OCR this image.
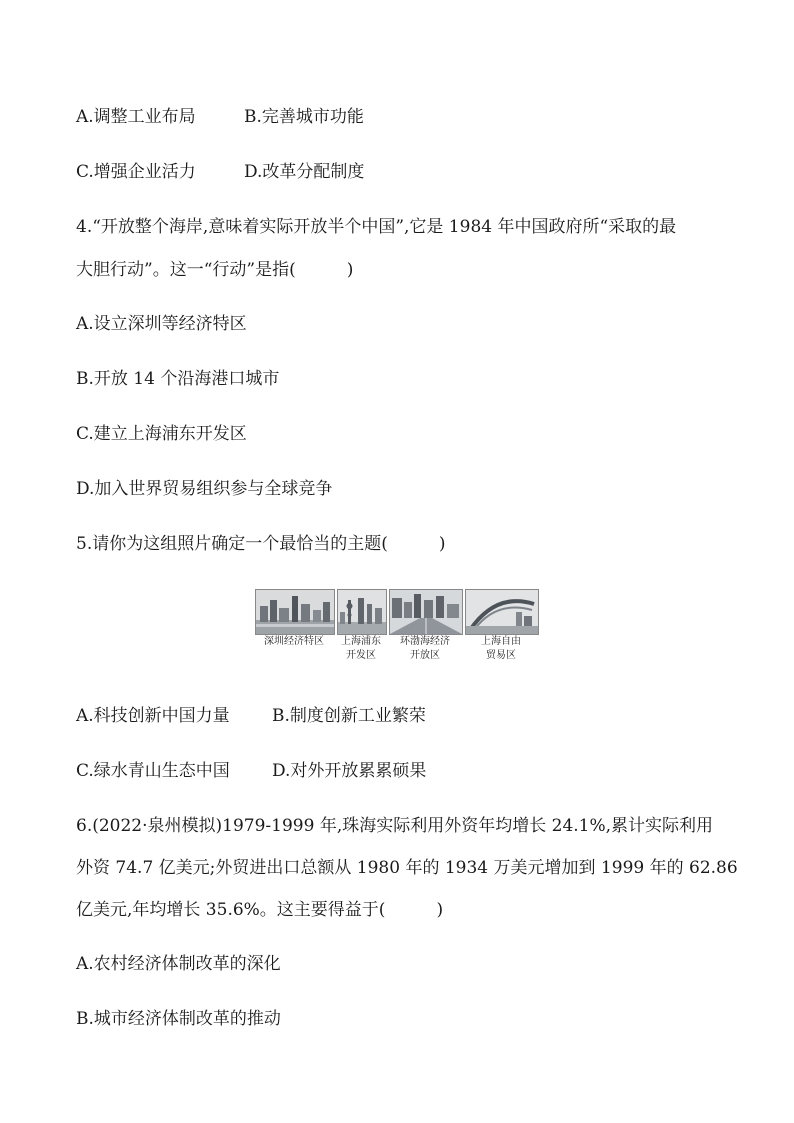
A.调整工业布局	B.完善城市功能
C.增强企业活力	D.改革分配制度
4.“开放整个海岸,意味着实际开放半个中国”,它是 1984 年中国政府所“采取的最
大胆行动”。这一“行动”是指(　　　)
A.设立深圳等经济特区
B.开放 14 个沿海港口城市
C.建立上海浦东开发区
D.加入世界贸易组织参与全球竞争
5.请你为这组照片确定一个最恰当的主题(　　　)
深圳经济特区	上海浦东
开发区
环渤海经济
开放区
上海自由
贸易区
A.科技创新中国力量 B.制度创新工业繁荣
C.绿水青山生态中国 D.对外开放累累硕果
6.(2022·泉州模拟)1979-1999 年,珠海实际利用外资年均增长 24.1%,累计实际利用
外资 74.7 亿美元;外贸进出口总额从 1980 年的 1934 万美元增加到 1999 年的 62.86
亿美元,年均增长 35.6%。这主要得益于(　　　)
A.农村经济体制改革的深化
B.城市经济体制改革的推动
